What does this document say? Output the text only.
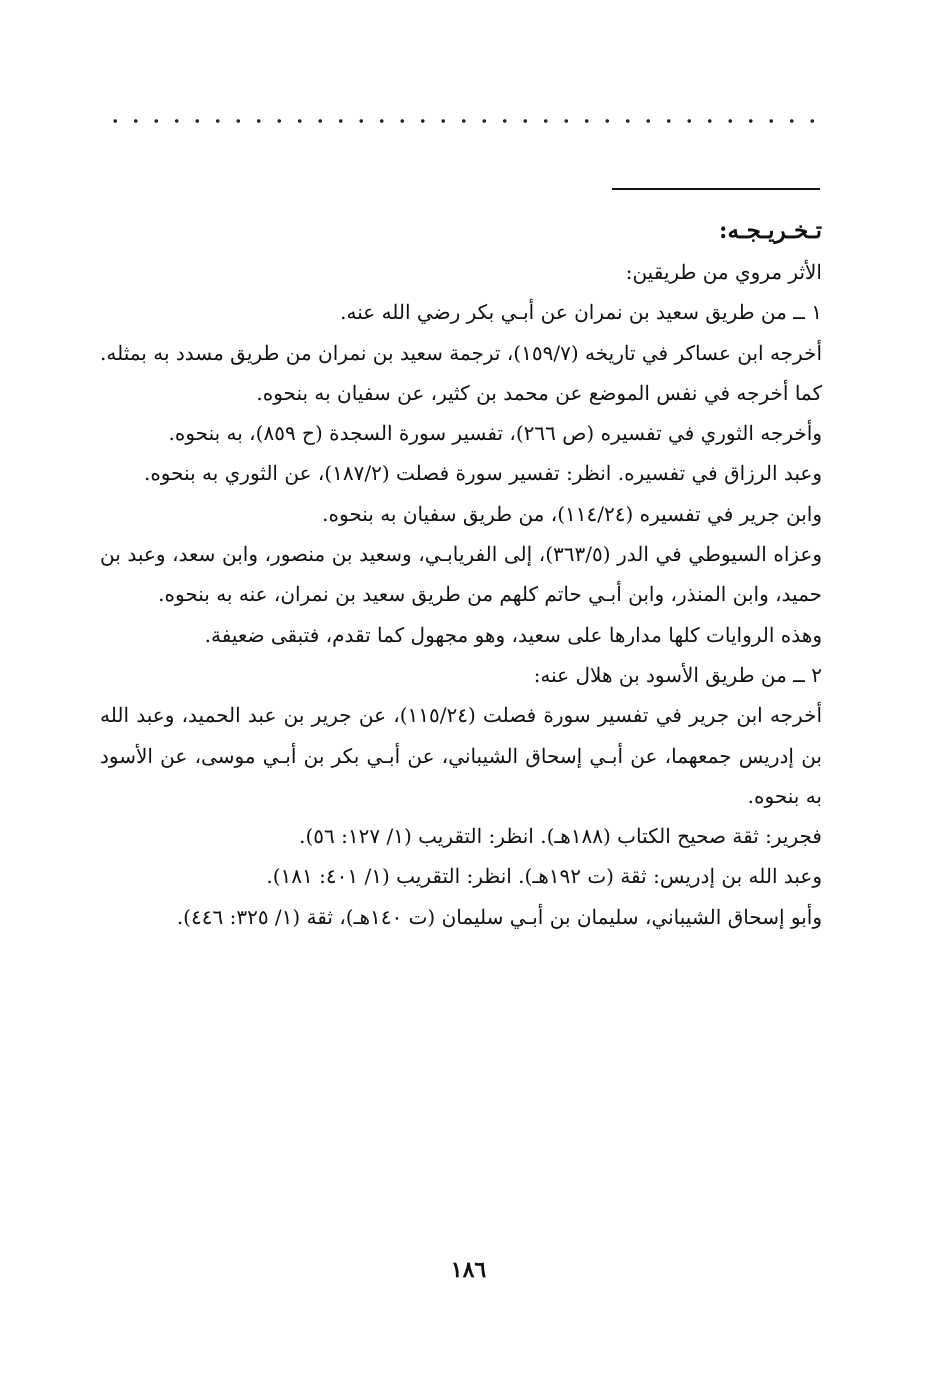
تـخـريـجـه:

الأثر مروي من طريقين:

١ ــ من طريق سعيد بن نمران عن أبـي بكر رضي الله عنه.

أخرجه ابن عساكر في تاريخه (١٥٩/٧)، ترجمة سعيد بن نمران من طريق مسدد به بمثله.

كما أخرجه في نفس الموضع عن محمد بن كثير، عن سفيان به بنحوه.

وأخرجه الثوري في تفسيره (ص ٢٦٦)، تفسير سورة السجدة (ح ٨٥٩)، به بنحوه.

وعبد الرزاق في تفسيره. انظر: تفسير سورة فصلت (١٨٧/٢)، عن الثوري به بنحوه.

وابن جرير في تفسيره (١١٤/٢٤)، من طريق سفيان به بنحوه.

وعزاه السيوطي في الدر (٣٦٣/٥)، إلى الفريابـي، وسعيد بن منصور، وابن سعد، وعبد بن حميد، وابن المنذر، وابن أبـي حاتم كلهم من طريق سعيد بن نمران، عنه به بنحوه.

وهذه الروايات كلها مدارها على سعيد، وهو مجهول كما تقدم، فتبقى ضعيفة.

٢ ــ من طريق الأسود بن هلال عنه:

أخرجه ابن جرير في تفسير سورة فصلت (١١٥/٢٤)، عن جرير بن عبد الحميد، وعبد الله بن إدريس جمعهما، عن أبـي إسحاق الشيباني، عن أبـي بكر بن أبـي موسى، عن الأسود به بنحوه.

فجرير: ثقة صحيح الكتاب (١٨٨هـ). انظر: التقريب (١/ ١٢٧: ٥٦).

وعبد الله بن إدريس: ثقة (ت ١٩٢هـ). انظر: التقريب (١/ ٤٠١: ١٨١).

وأبو إسحاق الشيباني، سليمان بن أبـي سليمان (ت ١٤٠هـ)، ثقة (١/ ٣٢٥: ٤٤٦).

١٨٦
